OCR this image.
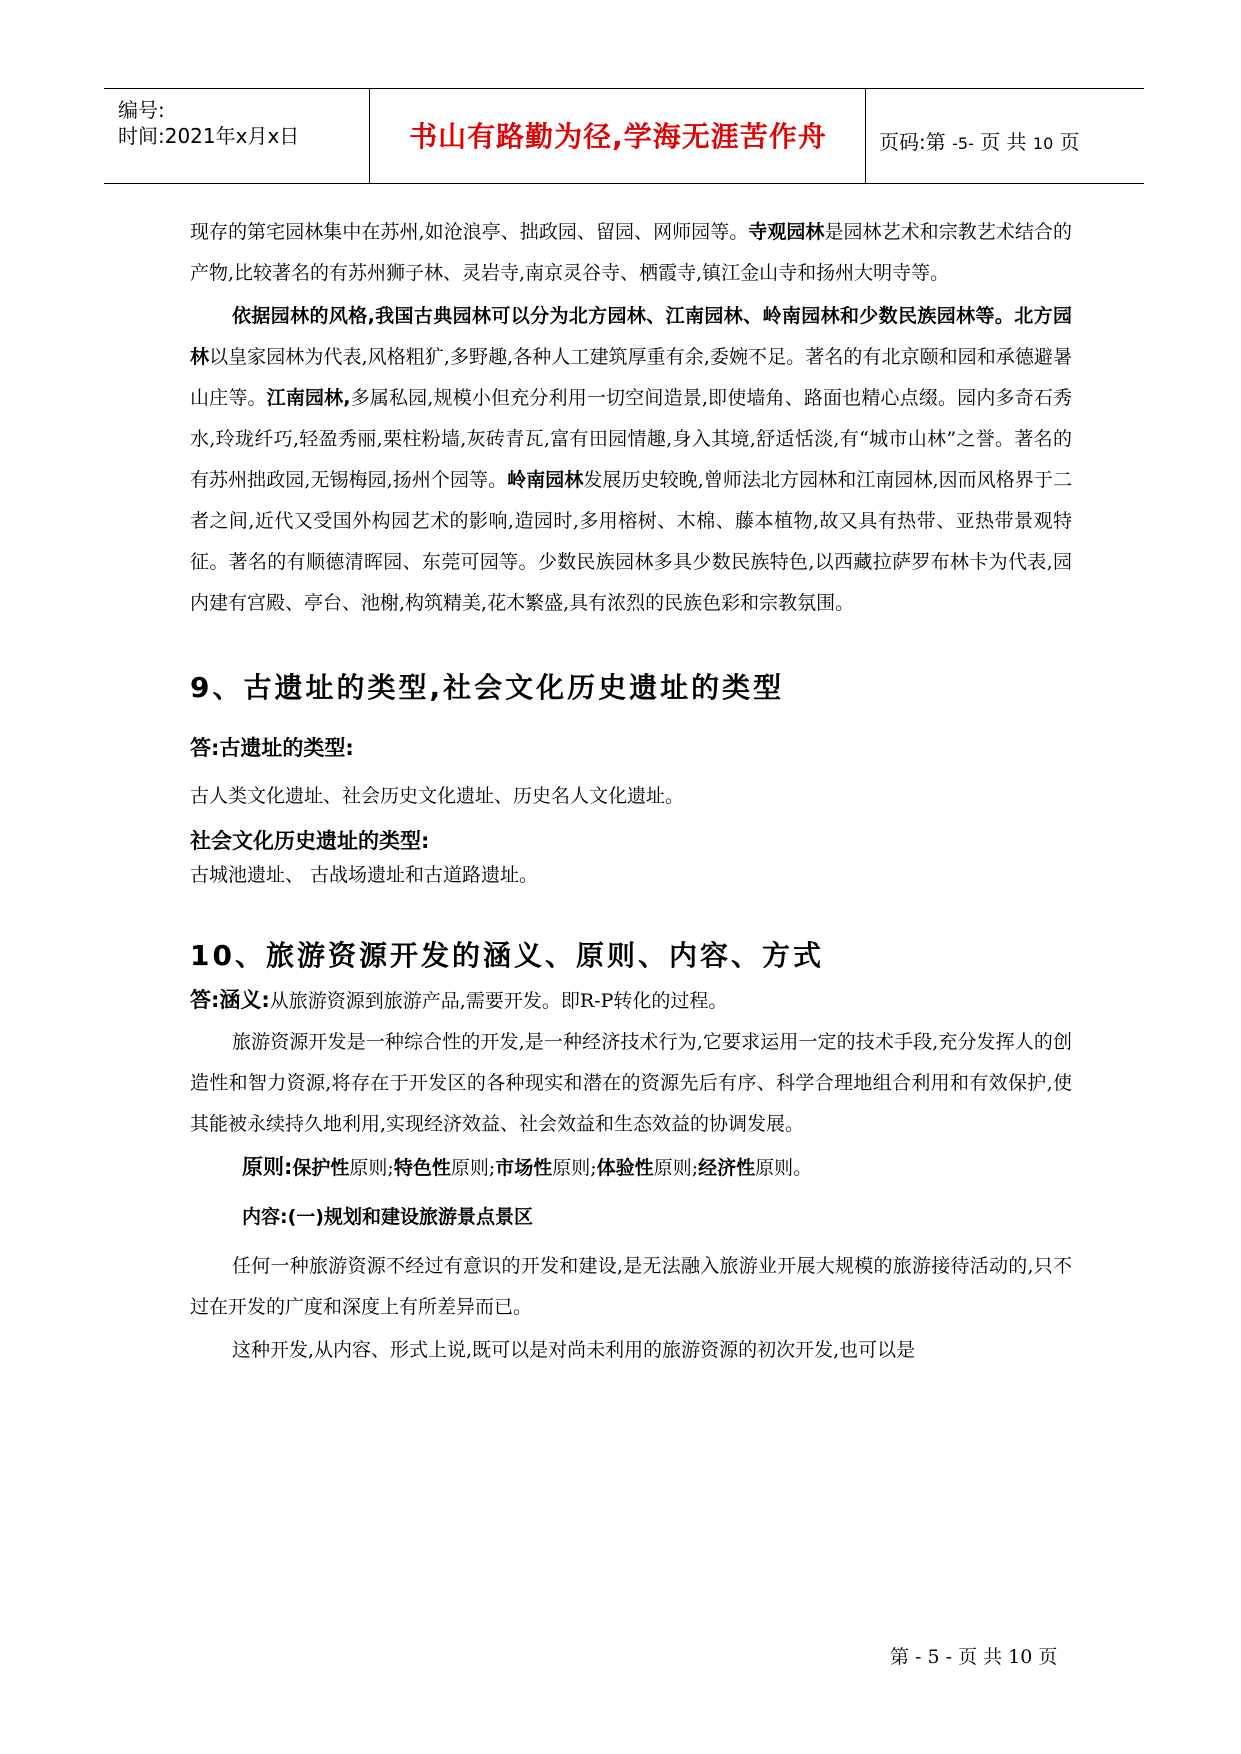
编号:
时间:2021年x月x日	书山有路勤为径,学海无涯苦作舟	页码:第 -5- 页 共 10 页

现存的第宅园林集中在苏州,如沧浪亭、拙政园、留园、网师园等。寺观园林是园林艺术和宗教艺术结合的产物,比较著名的有苏州狮子林、灵岩寺,南京灵谷寺、栖霞寺,镇江金山寺和扬州大明寺等。

依据园林的风格,我国古典园林可以分为北方园林、江南园林、岭南园林和少数民族园林等。北方园林以皇家园林为代表,风格粗犷,多野趣,各种人工建筑厚重有余,委婉不足。著名的有北京颐和园和承德避暑山庄等。江南园林,多属私园,规模小但充分利用一切空间造景,即使墙角、路面也精心点缀。园内多奇石秀水,玲珑纤巧,轻盈秀丽,栗柱粉墙,灰砖青瓦,富有田园情趣,身入其境,舒适恬淡,有“城市山林”之誉。著名的有苏州拙政园,无锡梅园,扬州个园等。岭南园林发展历史较晚,曾师法北方园林和江南园林,因而风格界于二者之间,近代又受国外构园艺术的影响,造园时,多用榕树、木棉、藤本植物,故又具有热带、亚热带景观特征。著名的有顺德清晖园、东莞可园等。少数民族园林多具少数民族特色,以西藏拉萨罗布林卡为代表,园内建有宫殿、亭台、池榭,构筑精美,花木繁盛,具有浓烈的民族色彩和宗教氛围。

9、古遗址的类型,社会文化历史遗址的类型
答:古遗址的类型:

古人类文化遗址、社会历史文化遗址、历史名人文化遗址。

社会文化历史遗址的类型:

古城池遗址、 古战场遗址和古道路遗址。

10、旅游资源开发的涵义、原则、内容、方式

答:涵义:从旅游资源到旅游产品,需要开发。即R-P转化的过程。

旅游资源开发是一种综合性的开发,是一种经济技术行为,它要求运用一定的技术手段,充分发挥人的创造性和智力资源,将存在于开发区的各种现实和潜在的资源先后有序、科学合理地组合利用和有效保护,使其能被永续持久地利用,实现经济效益、社会效益和生态效益的协调发展。

原则:保护性原则;特色性原则;市场性原则;体验性原则;经济性原则。

内容:(一)规划和建设旅游景点景区

任何一种旅游资源不经过有意识的开发和建设,是无法融入旅游业开展大规模的旅游接待活动的,只不过在开发的广度和深度上有所差异而已。

这种开发,从内容、形式上说,既可以是对尚未利用的旅游资源的初次开发,也可以是

第 - 5 - 页 共 10 页
